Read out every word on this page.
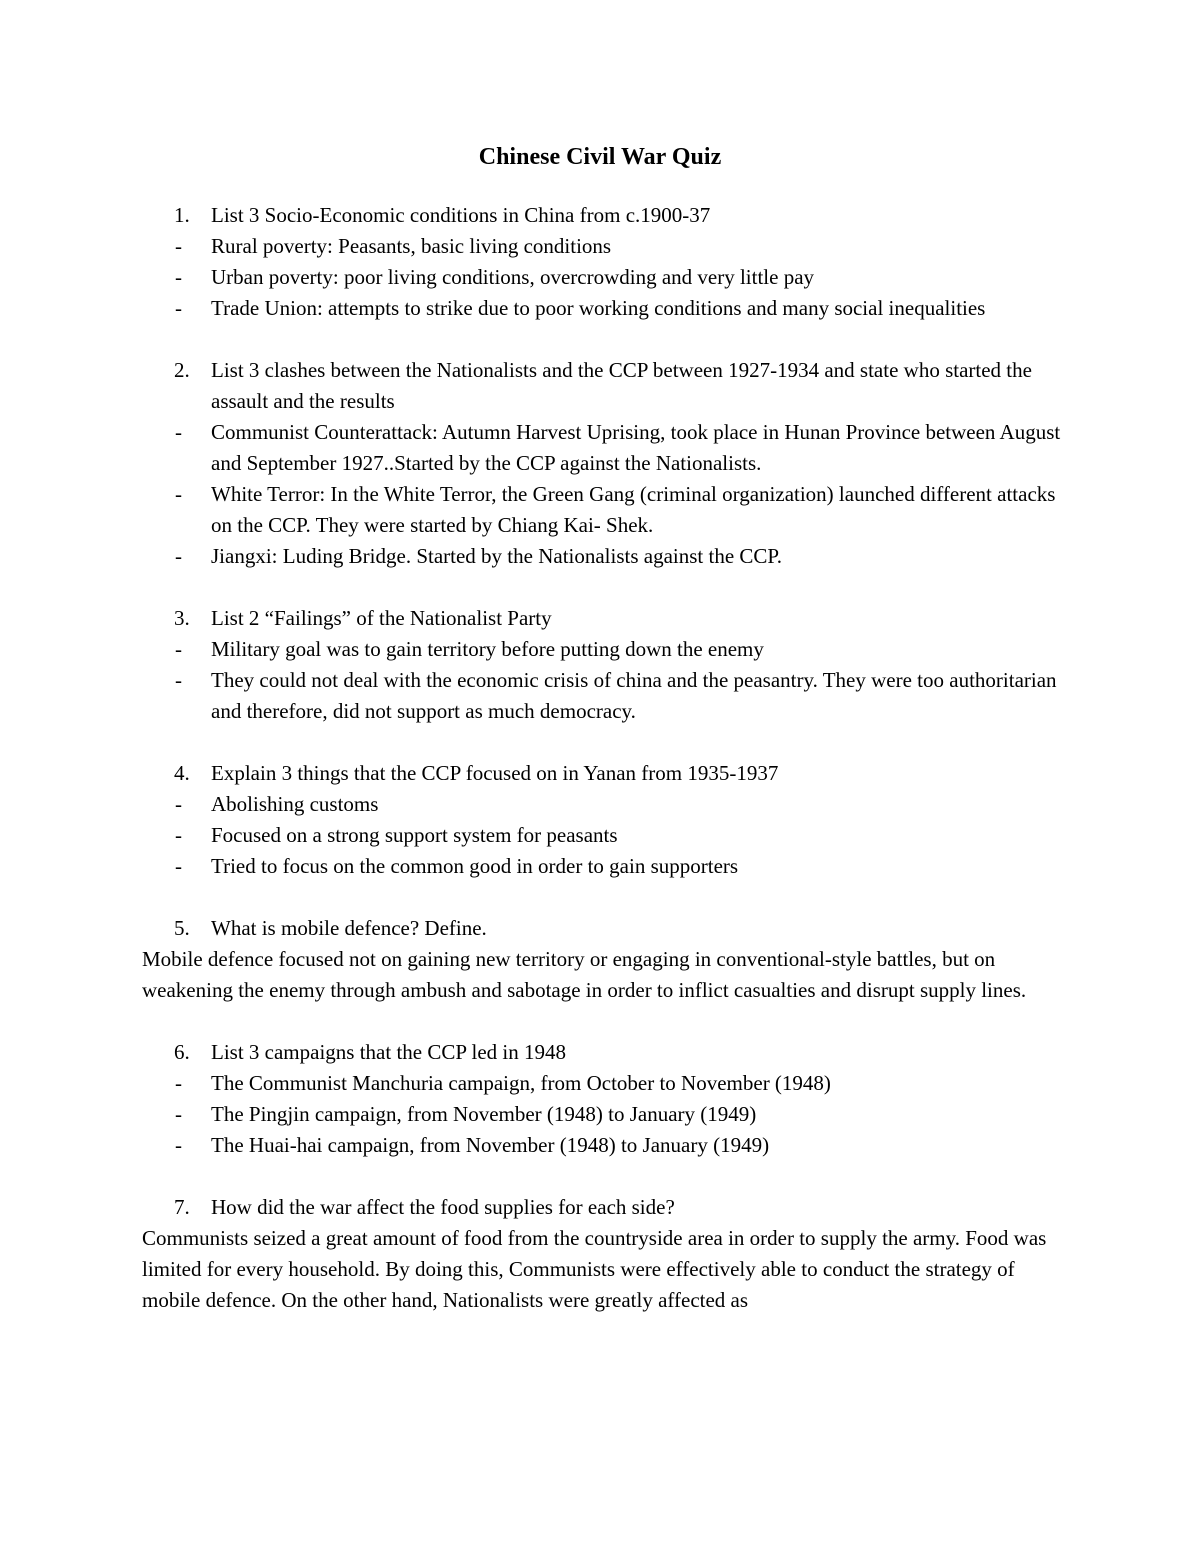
Chinese Civil War Quiz
1. List 3 Socio-Economic conditions in China from c.1900-37
- Rural poverty: Peasants, basic living conditions
- Urban poverty: poor living conditions, overcrowding and very little pay
- Trade Union: attempts to strike due to poor working conditions and many social inequalities
2. List 3 clashes between the Nationalists and the CCP between 1927-1934 and state who started the assault and the results
- Communist Counterattack: Autumn Harvest Uprising, took place in Hunan Province between August and September 1927..Started by the CCP against the Nationalists.
- White Terror: In the White Terror, the Green Gang (criminal organization) launched different attacks on the CCP. They were started by Chiang Kai- Shek.
- Jiangxi: Luding Bridge. Started by the Nationalists against the CCP.
3. List 2 “Failings” of the Nationalist Party
- Military goal was to gain territory before putting down the enemy
- They could not deal with the economic crisis of china and the peasantry. They were too authoritarian and therefore, did not support as much democracy.
4. Explain 3 things that the CCP focused on in Yanan from 1935-1937
- Abolishing customs
- Focused on a strong support system for peasants
- Tried to focus on the common good in order to gain supporters
5. What is mobile defence? Define.
Mobile defence focused not on gaining new territory or engaging in conventional-style battles, but on weakening the enemy through ambush and sabotage in order to inflict casualties and disrupt supply lines.
6. List 3 campaigns that the CCP led in 1948
- The Communist Manchuria campaign, from October to November (1948)
- The Pingjin campaign, from November (1948) to January (1949)
- The Huai-hai campaign, from November (1948) to January (1949)
7. How did the war affect the food supplies for each side?
Communists seized a great amount of food from the countryside area in order to supply the army. Food was limited for every household. By doing this, Communists were effectively able to conduct the strategy of mobile defence. On the other hand, Nationalists were greatly affected as
